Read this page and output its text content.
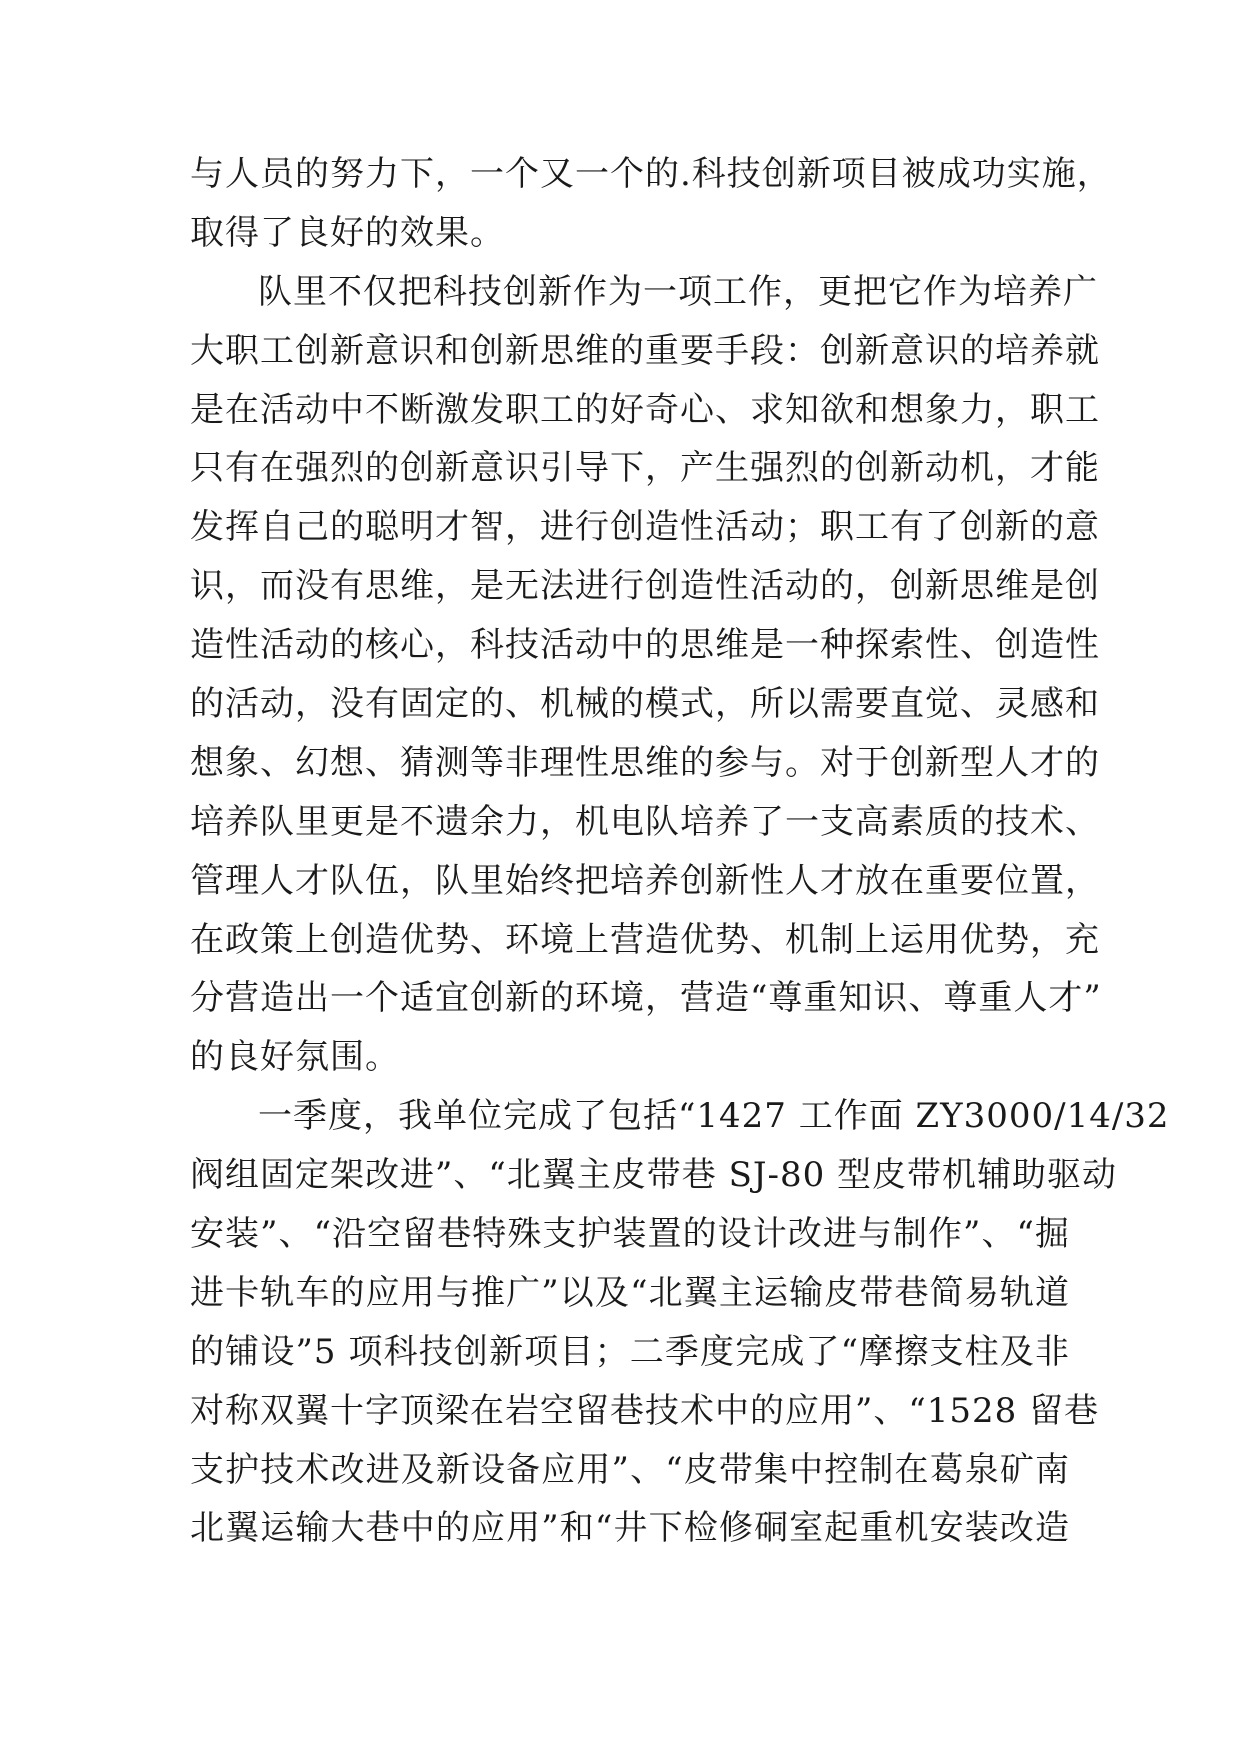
与人员的努力下，一个又一个的.科技创新项目被成功实施，
取得了良好的效果。
队里不仅把科技创新作为一项工作，更把它作为培养广
大职工创新意识和创新思维的重要手段：创新意识的培养就
是在活动中不断激发职工的好奇心、求知欲和想象力，职工
只有在强烈的创新意识引导下，产生强烈的创新动机，才能
发挥自己的聪明才智，进行创造性活动；职工有了创新的意
识，而没有思维，是无法进行创造性活动的，创新思维是创
造性活动的核心，科技活动中的思维是一种探索性、创造性
的活动，没有固定的、机械的模式，所以需要直觉、灵感和
想象、幻想、猜测等非理性思维的参与。对于创新型人才的
培养队里更是不遗余力，机电队培养了一支高素质的技术、
管理人才队伍，队里始终把培养创新性人才放在重要位置，
在政策上创造优势、环境上营造优势、机制上运用优势，充
分营造出一个适宜创新的环境，营造“尊重知识、尊重人才”
的良好氛围。
一季度，我单位完成了包括“1427 工作面 ZY3000/14/32
阀组固定架改进”、“北翼主皮带巷 SJ-80 型皮带机辅助驱动
安装”、“沿空留巷特殊支护装置的设计改进与制作”、“掘
进卡轨车的应用与推广”以及“北翼主运输皮带巷简易轨道
的铺设”5 项科技创新项目；二季度完成了“摩擦支柱及非
对称双翼十字顶梁在岩空留巷技术中的应用”、“1528 留巷
支护技术改进及新设备应用”、“皮带集中控制在葛泉矿南
北翼运输大巷中的应用”和“井下检修硐室起重机安装改造
